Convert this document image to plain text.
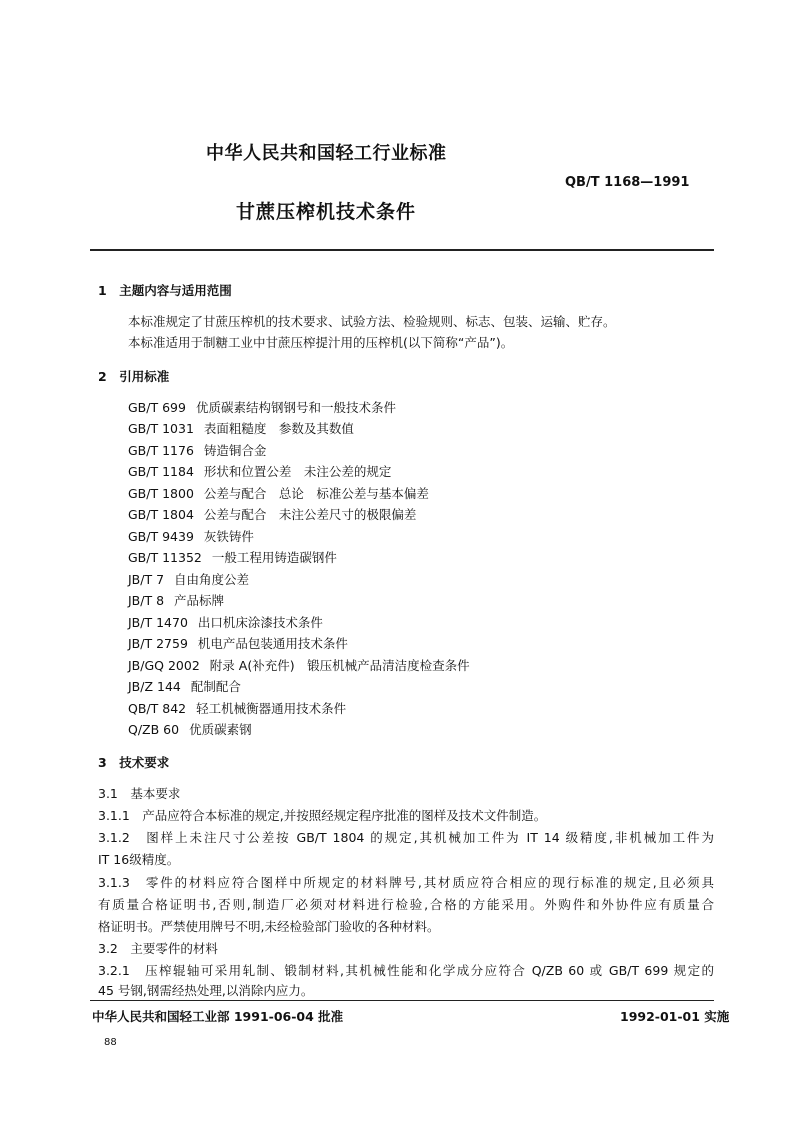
中华人民共和国轻工行业标准
QB/T 1168—1991
甘蔗压榨机技术条件
1　主题内容与适用范围
本标准规定了甘蔗压榨机的技术要求、试验方法、检验规则、标志、包装、运输、贮存。
本标准适用于制糖工业中甘蔗压榨提汁用的压榨机(以下简称“产品”)。
2　引用标准
GB/T 699 优质碳素结构钢钢号和一般技术条件
GB/T 1031 表面粗糙度　参数及其数值
GB/T 1176 铸造铜合金
GB/T 1184 形状和位置公差　未注公差的规定
GB/T 1800 公差与配合　总论　标准公差与基本偏差
GB/T 1804 公差与配合　未注公差尺寸的极限偏差
GB/T 9439 灰铁铸件
GB/T 11352 一般工程用铸造碳钢件
JB/T 7 自由角度公差
JB/T 8 产品标牌
JB/T 1470 出口机床涂漆技术条件
JB/T 2759 机电产品包装通用技术条件
JB/GQ 2002 附录 A(补充件)　锻压机械产品清洁度检查条件
JB/Z 144 配制配合
QB/T 842 轻工机械衡器通用技术条件
Q/ZB 60 优质碳素钢
3　技术要求
3.1　基本要求
3.1.1　产品应符合本标准的规定,并按照经规定程序批准的图样及技术文件制造。
3.1.2　图样上未注尺寸公差按 GB/T 1804 的规定,其机械加工件为 IT 14 级精度,非机械加工件为
IT 16级精度。
3.1.3　零件的材料应符合图样中所规定的材料牌号,其材质应符合相应的现行标准的规定,且必须具
有质量合格证明书,否则,制造厂必须对材料进行检验,合格的方能采用。外购件和外协件应有质量合
格证明书。严禁使用牌号不明,未经检验部门验收的各种材料。
3.2　主要零件的材料
3.2.1　压榨辊轴可采用轧制、锻制材料,其机械性能和化学成分应符合 Q/ZB 60 或 GB/T 699 规定的
45 号钢,钢需经热处理,以消除内应力。
中华人民共和国轻工业部 1991-06-04 批准	1992-01-01 实施
88
